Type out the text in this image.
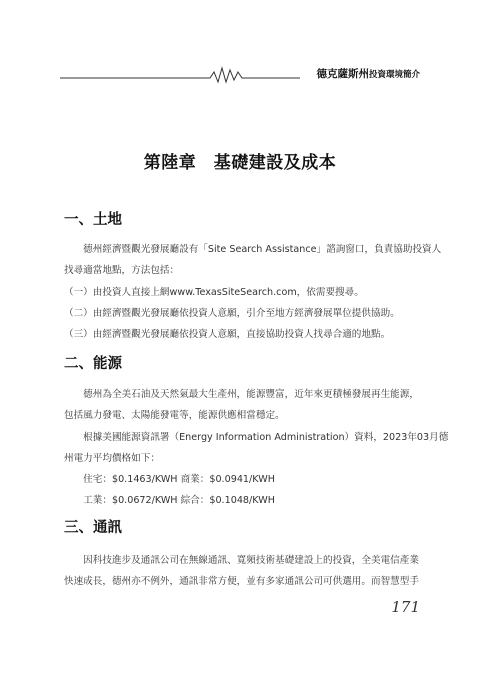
德克薩斯州投資環境簡介
第陸章　基礎建設及成本
一、土地
　　德州經濟暨觀光發展廳設有「Site Search Assistance」諮詢窗口，負責協助投資人
找尋適當地點，方法包括：
（一）由投資人直接上網www.TexasSiteSearch.com，依需要搜尋。
（二）由經濟暨觀光發展廳依投資人意願，引介至地方經濟發展單位提供協助。
（三）由經濟暨觀光發展廳依投資人意願，直接協助投資人找尋合適的地點。
二、能源
　　德州為全美石油及天然氣最大生產州，能源豐富，近年來更積極發展再生能源，
包括風力發電、太陽能發電等，能源供應相當穩定。
　　根據美國能源資訊署（Energy Information Administration）資料，2023年03月德
州電力平均價格如下：
　　住宅：$0.1463/KWH 商業：$0.0941/KWH
　　工業：$0.0672/KWH 綜合：$0.1048/KWH
三、通訊
　　因科技進步及通訊公司在無線通訊、寬頻技術基礎建設上的投資，全美電信產業
快速成長，德州亦不例外，通訊非常方便，並有多家通訊公司可供選用。而智慧型手
171
